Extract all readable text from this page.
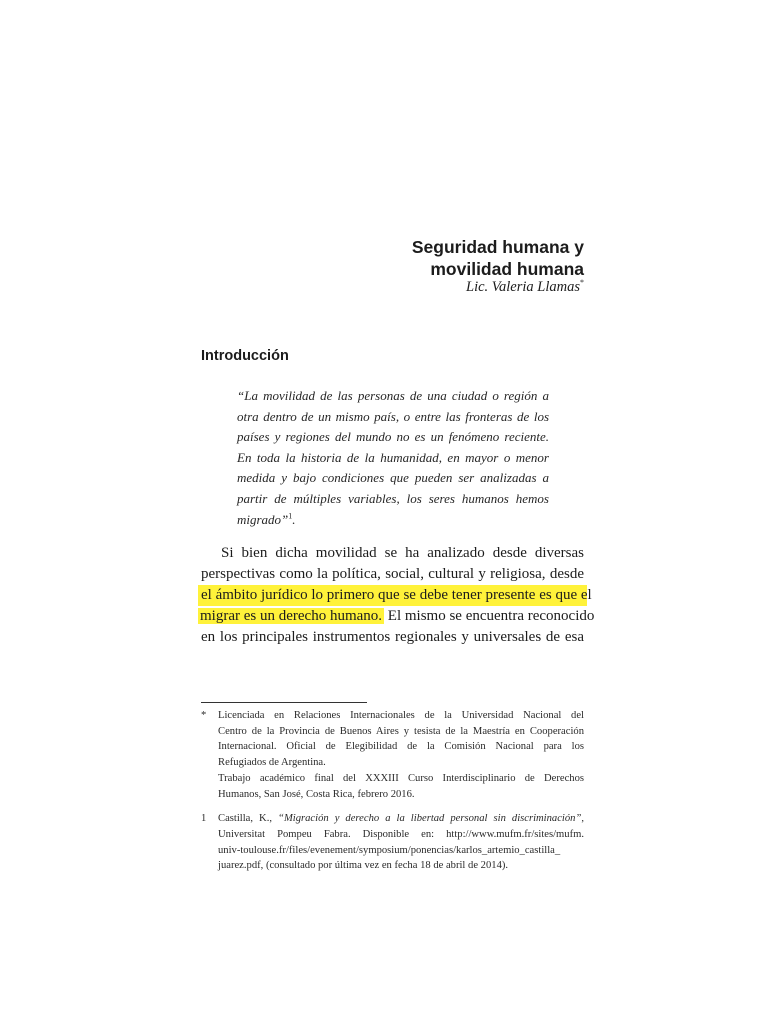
Seguridad humana y
movilidad humana
Lic. Valeria Llamas*
Introducción
“La movilidad de las personas de una ciudad o región a
otra dentro de un mismo país, o entre las fronteras de los
países y regiones del mundo no es un fenómeno reciente.
En toda la historia de la humanidad, en mayor o menor
medida y bajo condiciones que pueden ser analizadas a
partir de múltiples variables, los seres humanos hemos
migrado”$^1$.
Si bien dicha movilidad se ha analizado desde diversas
perspectivas como la política, social, cultural y religiosa, desde
el ámbito jurídico lo primero que se debe tener presente es que el
migrar es un derecho humano. El mismo se encuentra reconocido
en los principales instrumentos regionales y universales de esa
* Licenciada en Relaciones Internacionales de la Universidad Nacional del
Centro de la Provincia de Buenos Aires y tesista de la Maestría en Cooperación
Internacional. Oficial de Elegibilidad de la Comisión Nacional para los
Refugiados de Argentina.
Trabajo académico final del XXXIII Curso Interdisciplinario de Derechos
Humanos, San José, Costa Rica, febrero 2016.
1 Castilla, K., “Migración y derecho a la libertad personal sin discriminación”,
Universitat Pompeu Fabra. Disponible en: http://www.mufm.fr/sites/mufm.
univ-toulouse.fr/files/evenement/symposium/ponencias/karlos_artemio_castilla_
juarez.pdf, (consultado por última vez en fecha 18 de abril de 2014).
